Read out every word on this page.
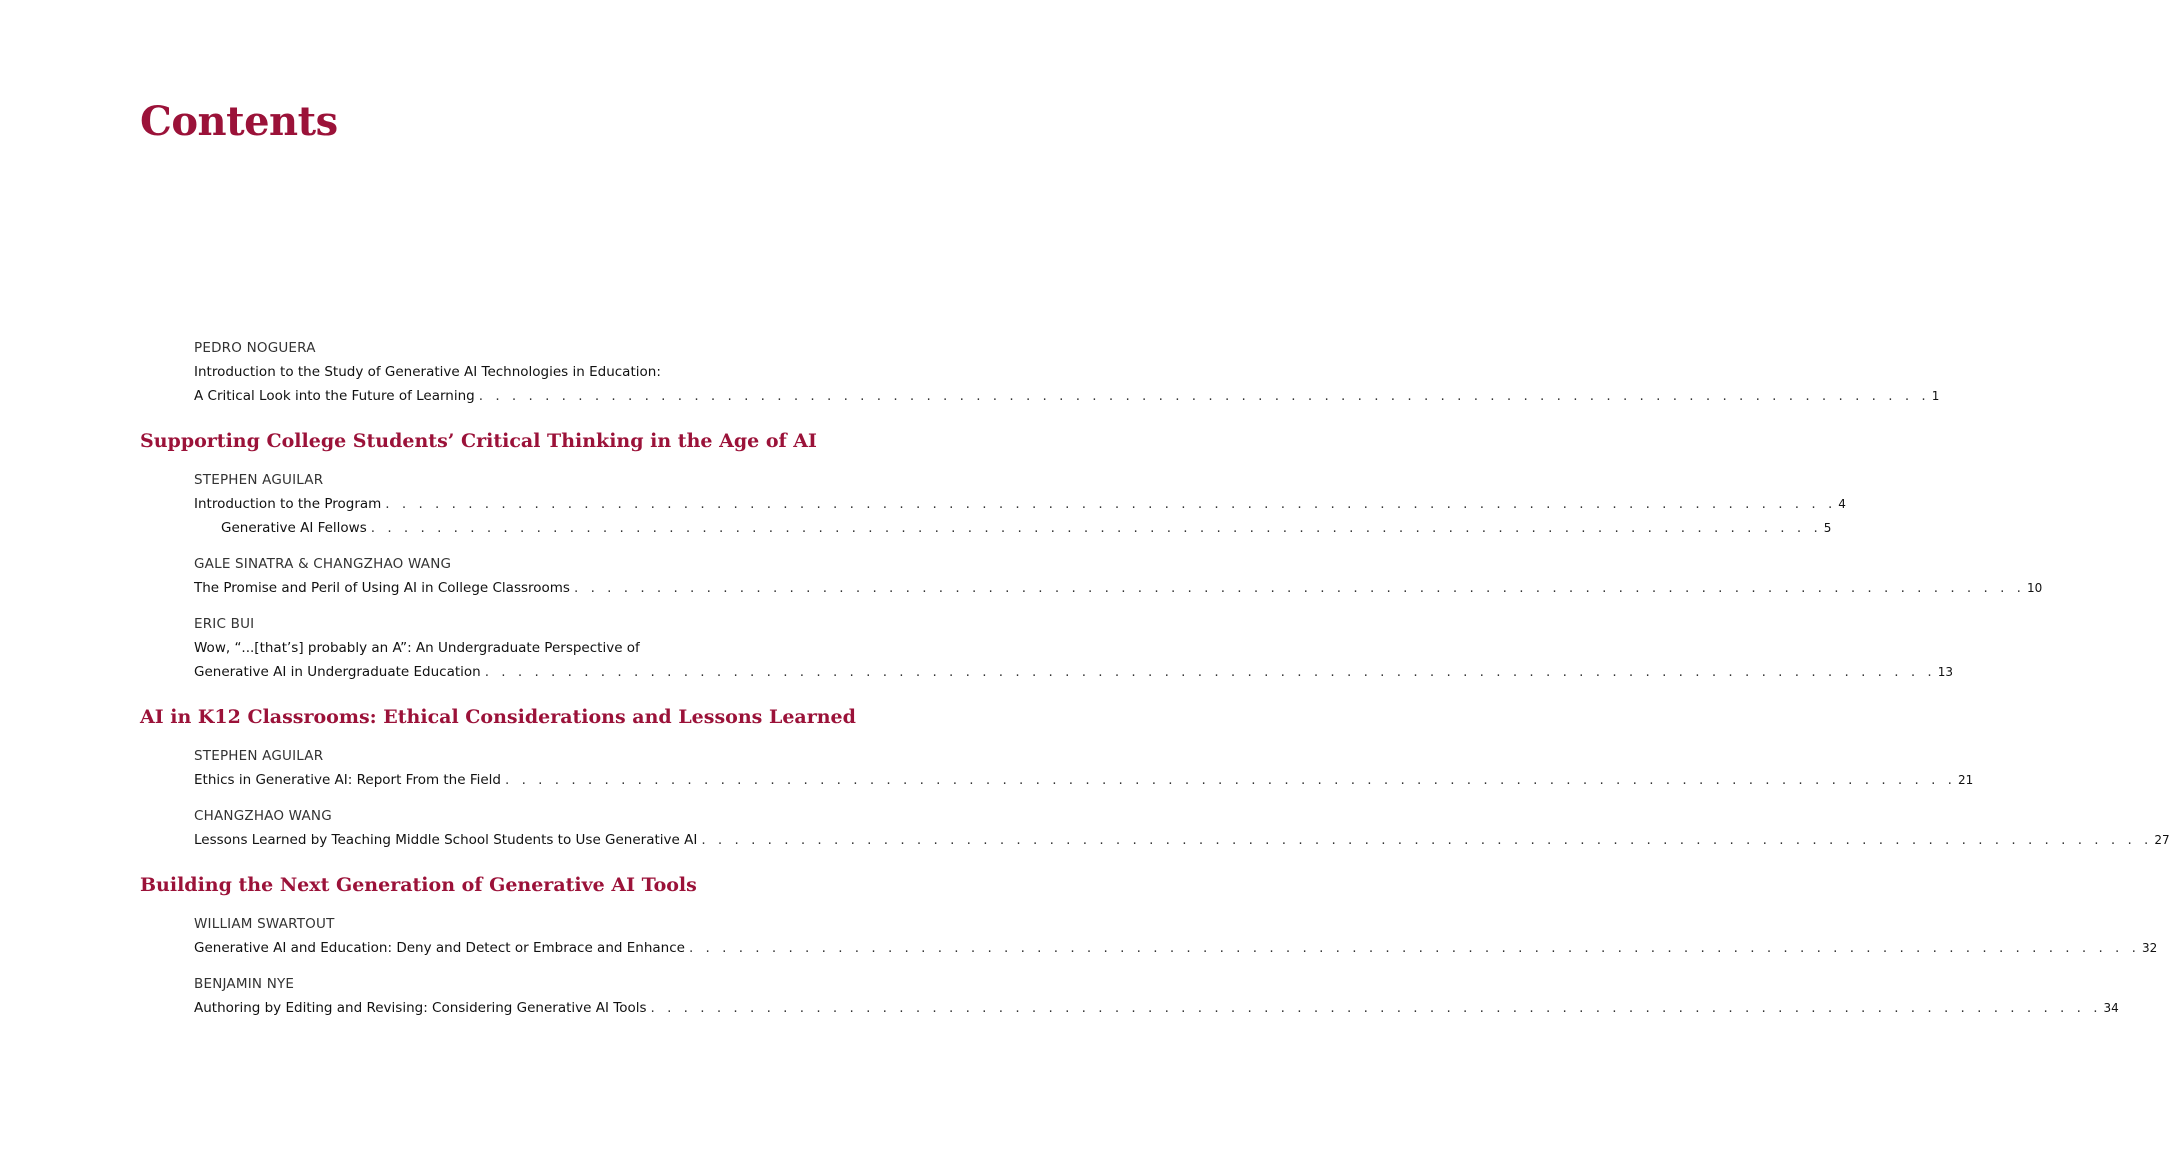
Contents
PEDRO NOGUERA
Introduction to the Study of Generative AI Technologies in Education:
A Critical Look into the Future of Learning . . . . . . . . . . . . . . . . . . . . . . . . . . . . . . . . . . . . . . . . . . . . . . . . . . . . . . . . . . . . . . . . . . . . . . . . . . . . . . . . . . . . . . . . 1
Supporting College Students’ Critical Thinking in the Age of AI
STEPHEN AGUILAR
Introduction to the Program . . . . . . . . . . . . . . . . . . . . . . . . . . . . . . . . . . . . . . . . . . . . . . . . . . . . . . . . . . . . . . . . . . . . . . . . . . . . . . . . . . . . . . . . 4
Generative AI Fellows . . . . . . . . . . . . . . . . . . . . . . . . . . . . . . . . . . . . . . . . . . . . . . . . . . . . . . . . . . . . . . . . . . . . . . . . . . . . . . . . . . . . . . . . 5
GALE SINATRA & CHANGZHAO WANG
The Promise and Peril of Using AI in College Classrooms . . . . . . . . . . . . . . . . . . . . . . . . . . . . . . . . . . . . . . . . . . . . . . . . . . . . . . . . . . . . . . . . . . . . . . . . . . . . . . . . . . . . . . . . 10
ERIC BUI
Wow, “...[that’s] probably an A”: An Undergraduate Perspective of
Generative AI in Undergraduate Education . . . . . . . . . . . . . . . . . . . . . . . . . . . . . . . . . . . . . . . . . . . . . . . . . . . . . . . . . . . . . . . . . . . . . . . . . . . . . . . . . . . . . . . . 13
AI in K12 Classrooms: Ethical Considerations and Lessons Learned
STEPHEN AGUILAR
Ethics in Generative AI: Report From the Field . . . . . . . . . . . . . . . . . . . . . . . . . . . . . . . . . . . . . . . . . . . . . . . . . . . . . . . . . . . . . . . . . . . . . . . . . . . . . . . . . . . . . . . . 21
CHANGZHAO WANG
Lessons Learned by Teaching Middle School Students to Use Generative AI . . . . . . . . . . . . . . . . . . . . . . . . . . . . . . . . . . . . . . . . . . . . . . . . . . . . . . . . . . . . . . . . . . . . . . . . . . . . . . . . . . . . . . . . 27
Building the Next Generation of Generative AI Tools
WILLIAM SWARTOUT
Generative AI and Education: Deny and Detect or Embrace and Enhance . . . . . . . . . . . . . . . . . . . . . . . . . . . . . . . . . . . . . . . . . . . . . . . . . . . . . . . . . . . . . . . . . . . . . . . . . . . . . . . . . . . . . . . . 32
BENJAMIN NYE
Authoring by Editing and Revising: Considering Generative AI Tools . . . . . . . . . . . . . . . . . . . . . . . . . . . . . . . . . . . . . . . . . . . . . . . . . . . . . . . . . . . . . . . . . . . . . . . . . . . . . . . . . . . . . . . . 34
